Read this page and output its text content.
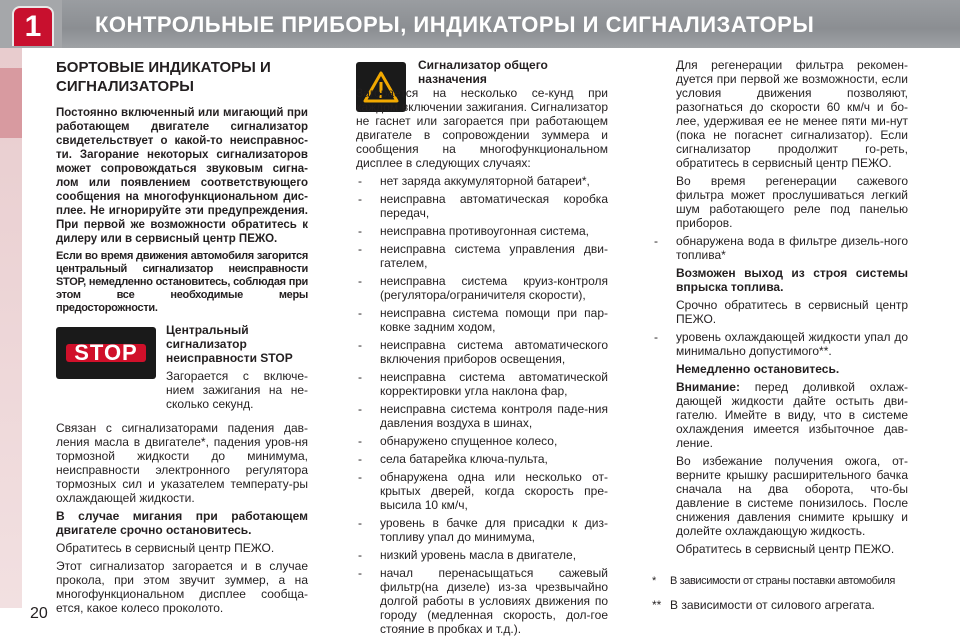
1 КОНТРОЛЬНЫЕ ПРИБОРЫ, ИНДИКАТОРЫ И СИГНАЛИЗАТОРЫ
20
БОРТОВЫЕ ИНДИКАТОРЫ И СИГНАЛИЗАТОРЫ

Постоянно включенный или мигающий при работающем двигателе сигнализатор свидетельствует о какой-то неисправнос-ти. Загорание некоторых сигнализаторов может сопровождаться звуковым сигна-лом или появлением соответствующего сообщения на многофункциональном дис-плее. Не игнорируйте эти предупреждения. При первой же возможности обратитесь к дилеру или в сервисный центр ПЕЖО.

Если во время движения автомобиля загорится центральный сигнализатор неисправности STOP, немедленно остановитесь, соблюдая при этом все необходимые меры предосторожности.

STOP
Центральный сигнализатор неисправности STOP

Загорается с включе-нием зажигания на не-сколько секунд.

Связан с сигнализаторами падения дав-ления масла в двигателе*, падения уров-ня тормозной жидкости до минимума, неисправности электронного регулятора тормозных сил и указателем температу-ры охлаждающей жидкости.

В случае мигания при работающем двигателе срочно остановитесь.

Обратитесь в сервисный центр ПЕЖО.

Этот сигнализатор загорается и в случае прокола, при этом звучит зуммер, а на многофункциональном дисплее сообща-ется, какое колесо проколото.

Сигнализатор общего назначения

Загорается на несколько се-кунд при каждом включении зажигания. Сигнализатор не гаснет или загорается при работающем двигателе в сопровождении зуммера и сообщения на многофункциональном дисплее в следующих случаях:

- нет заряда аккумуляторной батареи*,
- неисправна автоматическая коробка передач,
- неисправна противоугонная система,
- неисправна система управления дви-гателем,
- неисправна система круиз-контроля (регулятора/ограничителя скорости),
- неисправна система помощи при пар-ковке задним ходом,
- неисправна система автоматического включения приборов освещения,
- неисправна система автоматической корректировки угла наклона фар,
- неисправна система контроля паде-ния давления воздуха в шинах,
- обнаружено спущенное колесо,
- села батарейка ключа-пульта,
- обнаружена одна или несколько от-крытых дверей, когда скорость пре-высила 10 км/ч,
- уровень в бачке для присадки к диз-топливу упал до минимума,
- низкий уровень масла в двигателе,
- начал перенасыщаться сажевый фильтр(на дизеле) из-за чрезвычайно долгой работы в условиях движения по городу (медленная скорость, дол-гое стояние в пробках и т.д.).

Для регенерации фильтра рекомен-дуется при первой же возможности, если условия движения позволяют, разогнаться до скорости 60 км/ч и бо-лее, удерживая ее не менее пяти ми-нут (пока не погаснет сигнализатор). Если сигнализатор продолжит го-реть, обратитесь в сервисный центр ПЕЖО.

Во время регенерации сажевого фильтра может прослушиваться легкий шум работающего реле под панелью приборов.

- обнаружена вода в фильтре дизель-ного топлива*

Возможен выход из строя системы впрыска топлива.

Срочно обратитесь в сервисный центр ПЕЖО.

- уровень охлаждающей жидкости упал до минимально допустимого**.

Немедленно остановитесь.

Внимание: перед доливкой охлаж-дающей жидкости дайте остыть дви-гателю. Имейте в виду, что в системе охлаждения имеется избыточное дав-ление.

Во избежание получения ожога, от-верните крышку расширительного бачка сначала на два оборота, что-бы давление в системе понизилось. После снижения давления снимите крышку и долейте охлаждающую жидкость.

Обратитесь в сервисный центр ПЕЖО.

* В зависимости от страны поставки автомобиля
** В зависимости от силового агрегата.
